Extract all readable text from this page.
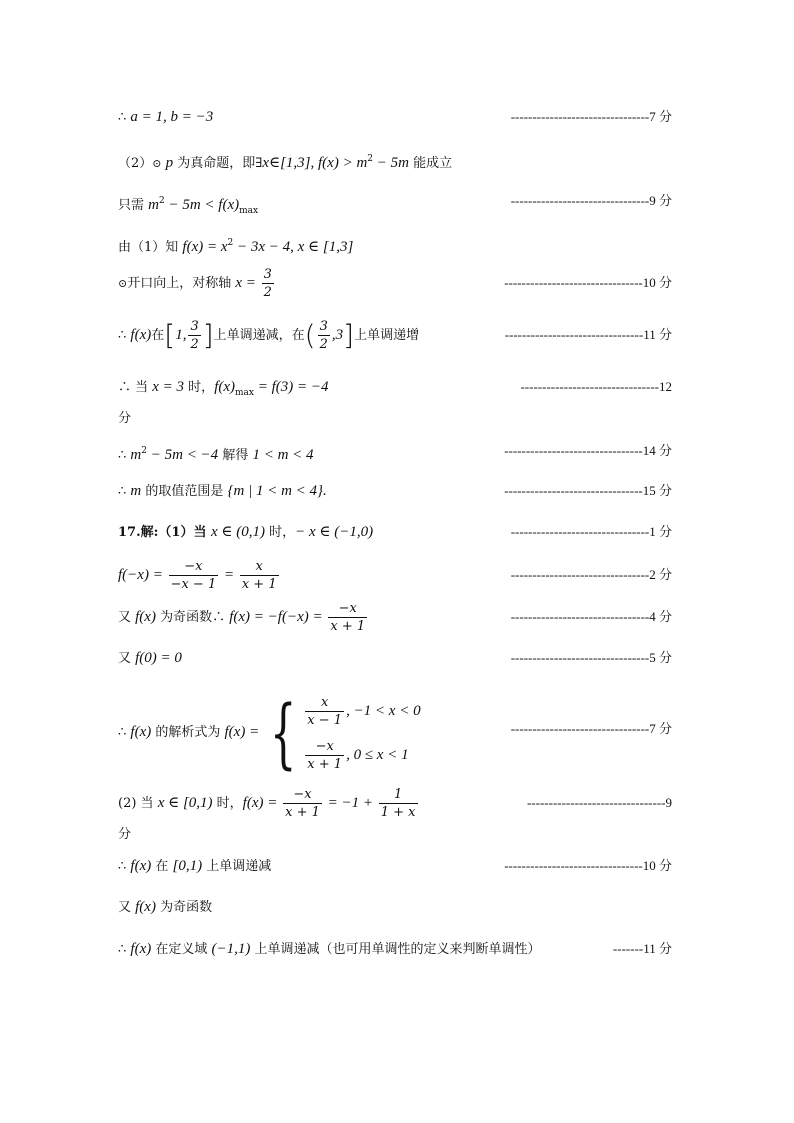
∴ a = 1, b = −3	--------------------------------7 分
（2）⊙ p 为真命题，即∃x∈[1,3], $f(x) > m^2 - 5m$ 能成立
只需 $m^2 - 5m < f(x)_{max}$
--------------------------------9 分
由（1）知 $f(x) = x^2 - 3x - 4$, x ∈ [1,3]
⊙开口向上，对称轴 $x = \frac{3}{2}$	--------------------------------10 分
∴ f(x)在[1, $\frac{3}{2}$ ]上单调递减，在( $\frac{3}{2} ,3$]上单调递增	--------------------------------11 分
∴ 当 x = 3 时，$f(x)_{max} = f(3) = -4$	--------------------------------12
分
∴ $m^2 - 5m < -4$ 解得 1 < m < 4	--------------------------------14 分
∴ m 的取值范围是 {m | 1 < m < 4}.	--------------------------------15 分
17.解:（1）当 x ∈ (0,1) 时，− x ∈ (−1,0)	--------------------------------1 分
$f(-x) = \frac{-x}{-x - 1} = \frac{x}{x + 1}$	--------------------------------2 分
又 f(x) 为奇函数∴ $f(x) = -f(-x) = \frac{-x}{x + 1}$	--------------------------------4 分
又 f(0) = 0	--------------------------------5 分
∴ f(x) 的解析式为 f(x) = { $\frac{x}{x - 1}$ , −1 < x < 0
$\frac{-x}{x + 1}$ , 0 ≤ x < 1
--------------------------------7 分
(2) 当 x ∈ [0,1) 时，$f(x) = \frac{-x}{x + 1} = -1 + \frac{1}{1 + x}$	--------------------------------9
分
∴ f(x) 在 [0,1) 上单调递减	--------------------------------10 分
又 f(x) 为奇函数
∴ f(x) 在定义域 (−1,1) 上单调递减（也可用单调性的定义来判断单调性）	-------11 分
